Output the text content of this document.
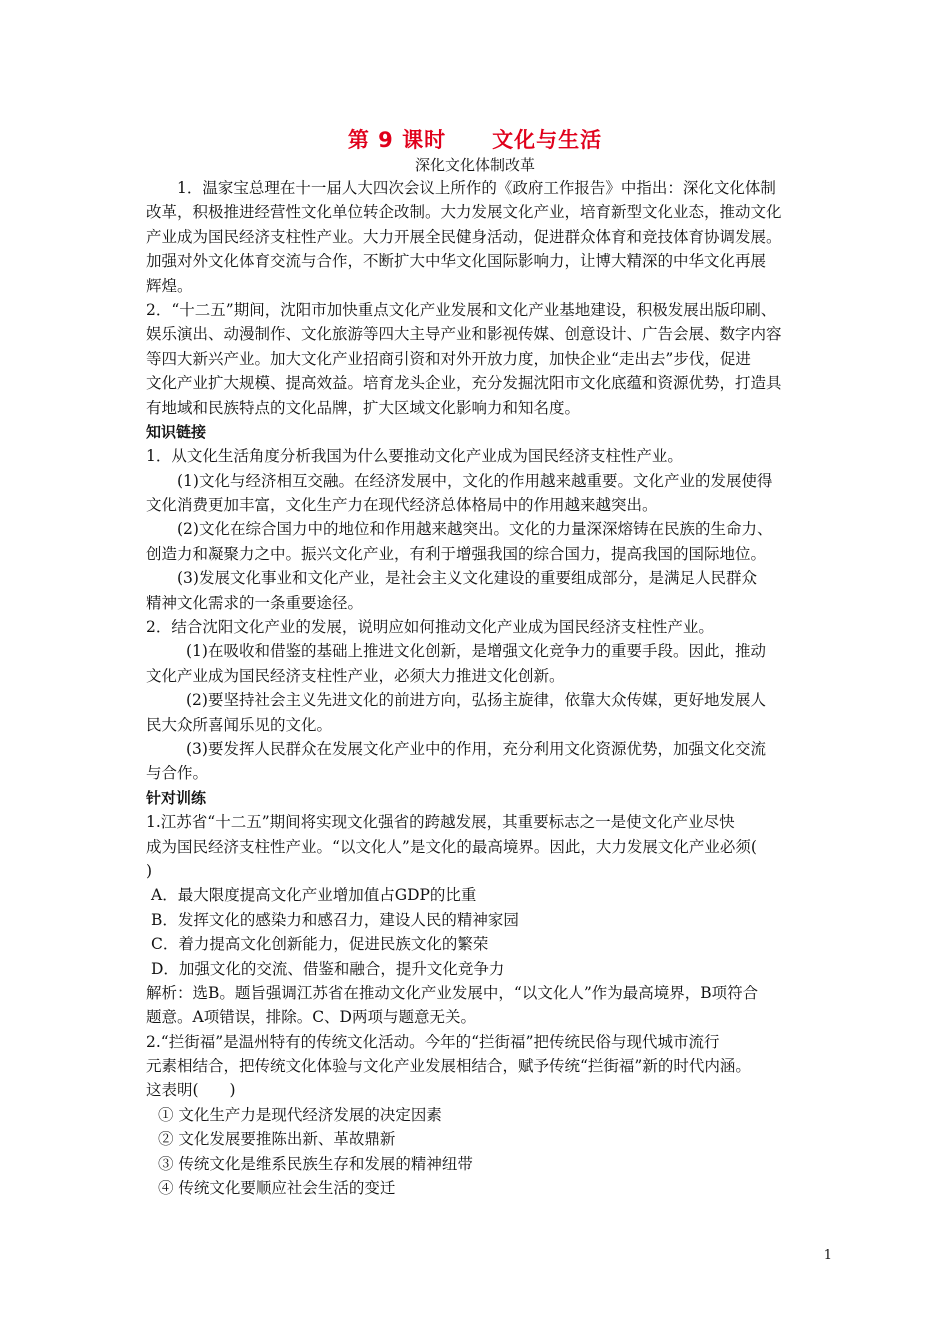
第 9 课时 文化与生活
深化文化体制改革
1．温家宝总理在十一届人大四次会议上所作的《政府工作报告》中指出：深化文化体制
改革，积极推进经营性文化单位转企改制。大力发展文化产业，培育新型文化业态，推动文化
产业成为国民经济支柱性产业。大力开展全民健身活动，促进群众体育和竞技体育协调发展。
加强对外文化体育交流与合作，不断扩大中华文化国际影响力，让博大精深的中华文化再展
辉煌。
2．“十二五”期间，沈阳市加快重点文化产业发展和文化产业基地建设，积极发展出版印刷、
娱乐演出、动漫制作、文化旅游等四大主导产业和影视传媒、创意设计、广告会展、数字内容
等四大新兴产业。加大文化产业招商引资和对外开放力度，加快企业“走出去”步伐，促进
文化产业扩大规模、提高效益。培育龙头企业，充分发掘沈阳市文化底蕴和资源优势，打造具
有地域和民族特点的文化品牌，扩大区域文化影响力和知名度。
知识链接
1．从文化生活角度分析我国为什么要推动文化产业成为国民经济支柱性产业。
(1)文化与经济相互交融。在经济发展中，文化的作用越来越重要。文化产业的发展使得
文化消费更加丰富，文化生产力在现代经济总体格局中的作用越来越突出。
(2)文化在综合国力中的地位和作用越来越突出。文化的力量深深熔铸在民族的生命力、
创造力和凝聚力之中。振兴文化产业，有利于增强我国的综合国力，提高我国的国际地位。
(3)发展文化事业和文化产业，是社会主义文化建设的重要组成部分，是满足人民群众
精神文化需求的一条重要途径。
2．结合沈阳文化产业的发展，说明应如何推动文化产业成为国民经济支柱性产业。
(1)在吸收和借鉴的基础上推进文化创新，是增强文化竞争力的重要手段。因此，推动
文化产业成为国民经济支柱性产业，必须大力推进文化创新。
(2)要坚持社会主义先进文化的前进方向，弘扬主旋律，依靠大众传媒，更好地发展人
民大众所喜闻乐见的文化。
(3)要发挥人民群众在发展文化产业中的作用，充分利用文化资源优势，加强文化交流
与合作。
针对训练
1.江苏省“十二五”期间将实现文化强省的跨越发展，其重要标志之一是使文化产业尽快
成为国民经济支柱性产业。“以文化人”是文化的最高境界。因此，大力发展文化产业必须(
)
A．最大限度提高文化产业增加值占GDP的比重
B．发挥文化的感染力和感召力，建设人民的精神家园
C．着力提高文化创新能力，促进民族文化的繁荣
D．加强文化的交流、借鉴和融合，提升文化竞争力
解析：选B。题旨强调江苏省在推动文化产业发展中，“以文化人”作为最高境界，B项符合
题意。A项错误，排除。C、D两项与题意无关。
2.“拦街福”是温州特有的传统文化活动。今年的“拦街福”把传统民俗与现代城市流行
元素相结合，把传统文化体验与文化产业发展相结合，赋予传统“拦街福”新的时代内涵。
这表明(　　)
① 文化生产力是现代经济发展的决定因素
② 文化发展要推陈出新、革故鼎新
③ 传统文化是维系民族生存和发展的精神纽带
④ 传统文化要顺应社会生活的变迁
1
